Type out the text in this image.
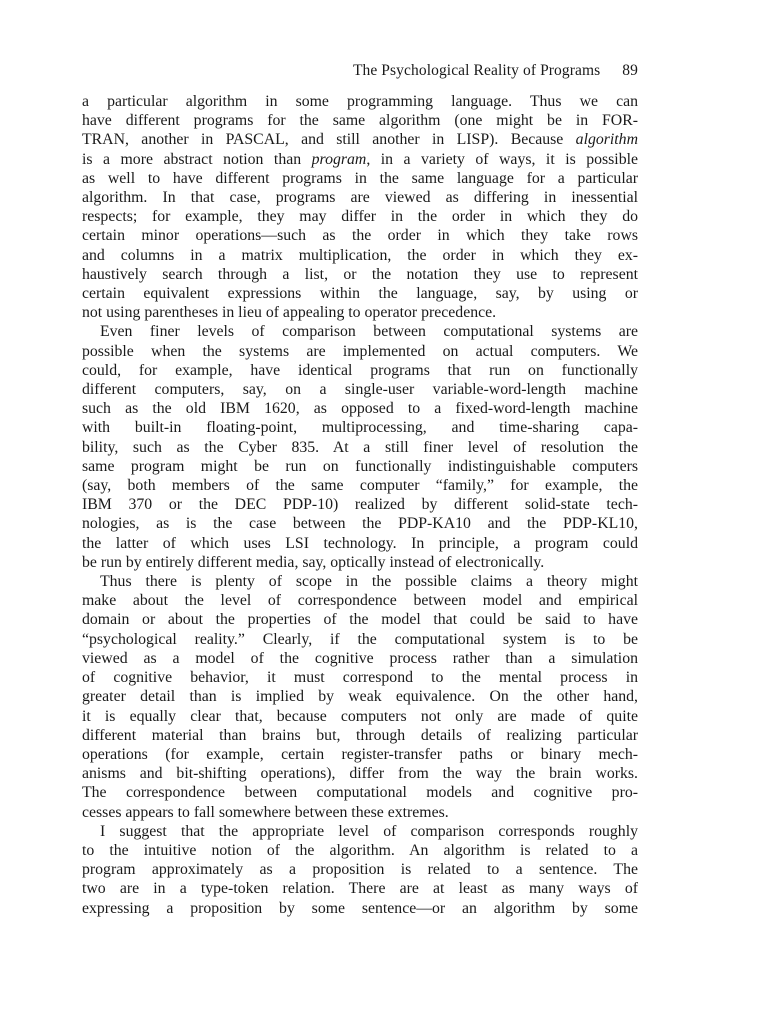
The Psychological Reality of Programs 89
a particular algorithm in some programming language. Thus we can
have different programs for the same algorithm (one might be in FOR-
TRAN, another in PASCAL, and still another in LISP). Because algorithm
is a more abstract notion than program, in a variety of ways, it is possible
as well to have different programs in the same language for a particular
algorithm. In that case, programs are viewed as differing in inessential
respects; for example, they may differ in the order in which they do
certain minor operations—such as the order in which they take rows
and columns in a matrix multiplication, the order in which they ex-
haustively search through a list, or the notation they use to represent
certain equivalent expressions within the language, say, by using or
not using parentheses in lieu of appealing to operator precedence.
Even finer levels of comparison between computational systems are
possible when the systems are implemented on actual computers. We
could, for example, have identical programs that run on functionally
different computers, say, on a single-user variable-word-length machine
such as the old IBM 1620, as opposed to a fixed-word-length machine
with built-in floating-point, multiprocessing, and time-sharing capa-
bility, such as the Cyber 835. At a still finer level of resolution the
same program might be run on functionally indistinguishable computers
(say, both members of the same computer “family,” for example, the
IBM 370 or the DEC PDP-10) realized by different solid-state tech-
nologies, as is the case between the PDP-KA10 and the PDP-KL10,
the latter of which uses LSI technology. In principle, a program could
be run by entirely different media, say, optically instead of electronically.
Thus there is plenty of scope in the possible claims a theory might
make about the level of correspondence between model and empirical
domain or about the properties of the model that could be said to have
“psychological reality.” Clearly, if the computational system is to be
viewed as a model of the cognitive process rather than a simulation
of cognitive behavior, it must correspond to the mental process in
greater detail than is implied by weak equivalence. On the other hand,
it is equally clear that, because computers not only are made of quite
different material than brains but, through details of realizing particular
operations (for example, certain register-transfer paths or binary mech-
anisms and bit-shifting operations), differ from the way the brain works.
The correspondence between computational models and cognitive pro-
cesses appears to fall somewhere between these extremes.
I suggest that the appropriate level of comparison corresponds roughly
to the intuitive notion of the algorithm. An algorithm is related to a
program approximately as a proposition is related to a sentence. The
two are in a type-token relation. There are at least as many ways of
expressing a proposition by some sentence—or an algorithm by some
